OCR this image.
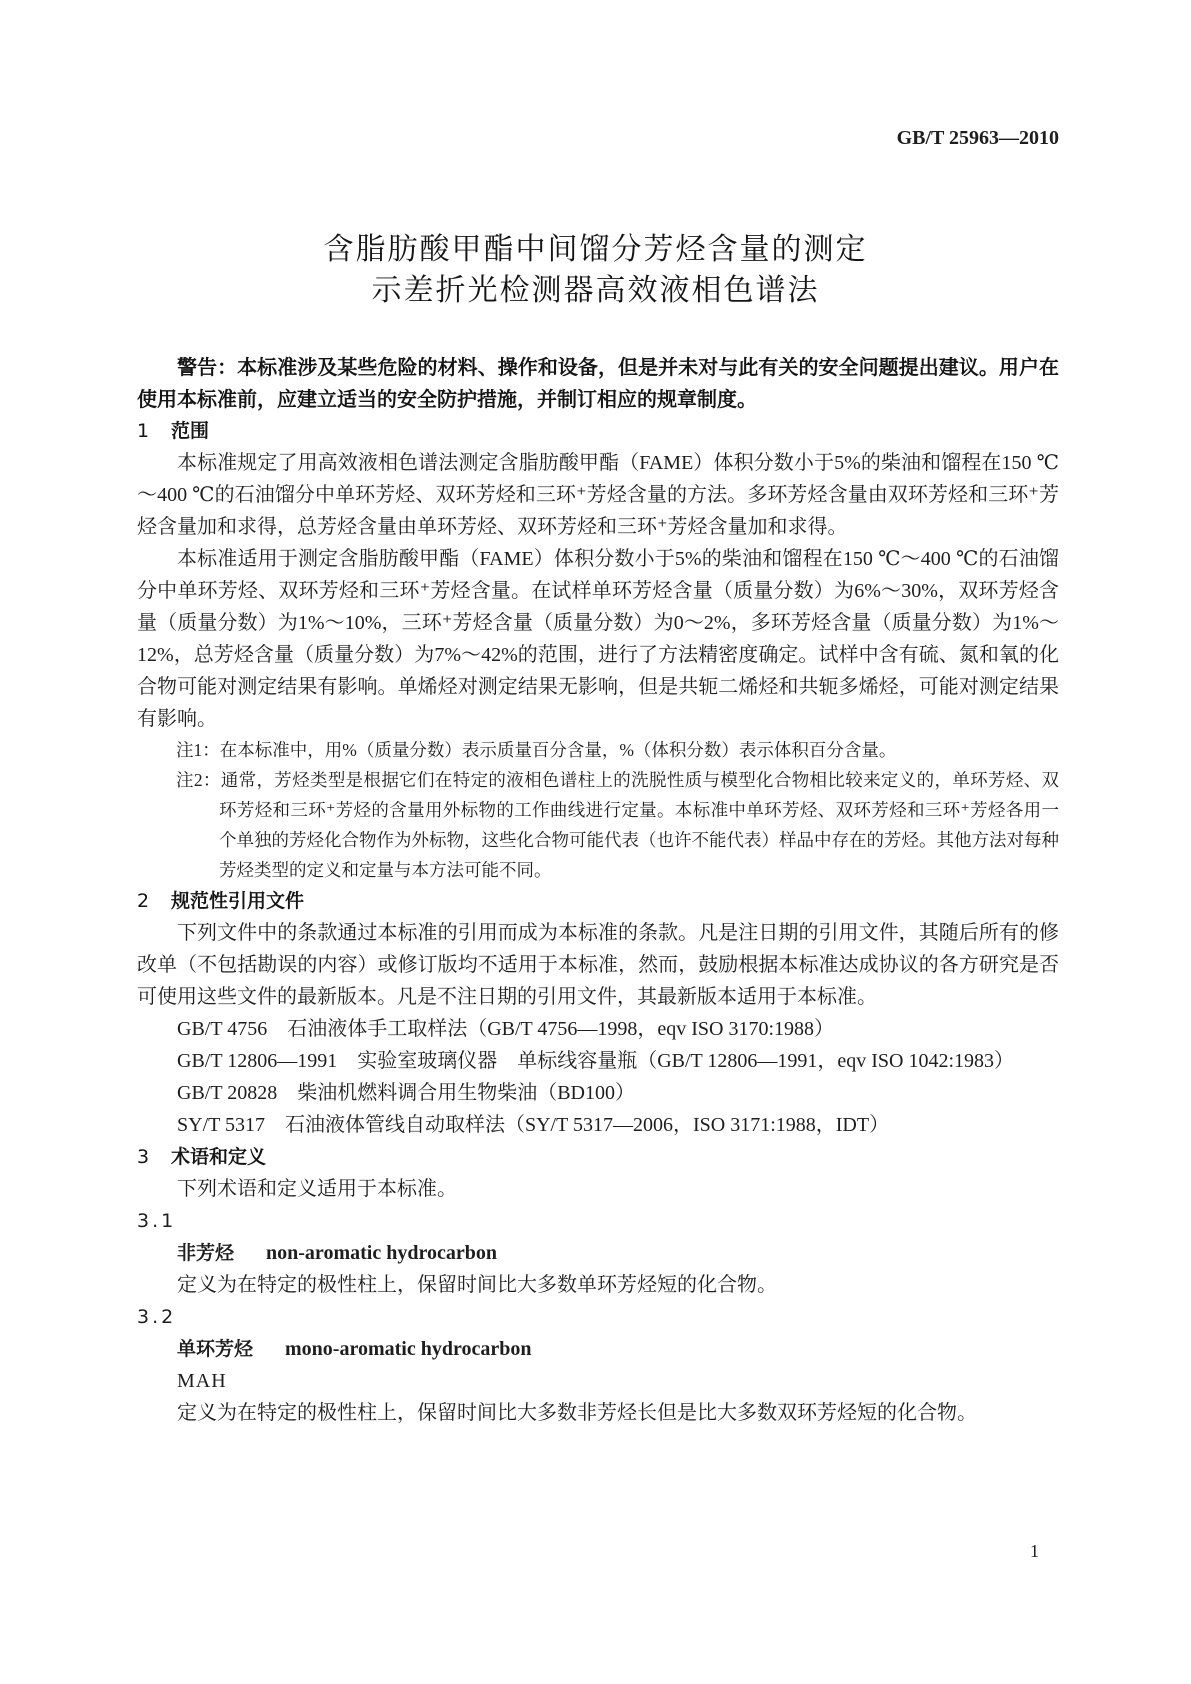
GB/T 25963—2010
含脂肪酸甲酯中间馏分芳烃含量的测定
示差折光检测器高效液相色谱法

警告：本标准涉及某些危险的材料、操作和设备，但是并未对与此有关的安全问题提出建议。用户在使用本标准前，应建立适当的安全防护措施，并制订相应的规章制度。

1 范围

本标准规定了用高效液相色谱法测定含脂肪酸甲酯（FAME）体积分数小于5%的柴油和馏程在150 ℃～400 ℃的石油馏分中单环芳烃、双环芳烃和三环⁺芳烃含量的方法。多环芳烃含量由双环芳烃和三环⁺芳烃含量加和求得，总芳烃含量由单环芳烃、双环芳烃和三环⁺芳烃含量加和求得。

本标准适用于测定含脂肪酸甲酯（FAME）体积分数小于5%的柴油和馏程在150 ℃～400 ℃的石油馏分中单环芳烃、双环芳烃和三环⁺芳烃含量。在试样单环芳烃含量（质量分数）为6%～30%，双环芳烃含量（质量分数）为1%～10%，三环⁺芳烃含量（质量分数）为0～2%，多环芳烃含量（质量分数）为1%～12%，总芳烃含量（质量分数）为7%～42%的范围，进行了方法精密度确定。试样中含有硫、氮和氧的化合物可能对测定结果有影响。单烯烃对测定结果无影响，但是共轭二烯烃和共轭多烯烃，可能对测定结果有影响。

注1：在本标准中，用%（质量分数）表示质量百分含量，%（体积分数）表示体积百分含量。
注2：通常，芳烃类型是根据它们在特定的液相色谱柱上的洗脱性质与模型化合物相比较来定义的，单环芳烃、双环芳烃和三环⁺芳烃的含量用外标物的工作曲线进行定量。本标准中单环芳烃、双环芳烃和三环⁺芳烃各用一个单独的芳烃化合物作为外标物，这些化合物可能代表（也许不能代表）样品中存在的芳烃。其他方法对每种芳烃类型的定义和定量与本方法可能不同。
2 规范性引用文件

下列文件中的条款通过本标准的引用而成为本标准的条款。凡是注日期的引用文件，其随后所有的修改单（不包括勘误的内容）或修订版均不适用于本标准，然而，鼓励根据本标准达成协议的各方研究是否可使用这些文件的最新版本。凡是不注日期的引用文件，其最新版本适用于本标准。

GB/T 4756 石油液体手工取样法（GB/T 4756—1998，eqv ISO 3170:1988）
GB/T 12806—1991 实验室玻璃仪器　单标线容量瓶（GB/T 12806—1991，eqv ISO 1042:1983）
GB/T 20828 柴油机燃料调合用生物柴油（BD100）
SY/T 5317 石油液体管线自动取样法（SY/T 5317—2006，ISO 3171:1988，IDT）
3 术语和定义

下列术语和定义适用于本标准。

3.1
非芳烃 non-aromatic hydrocarbon

定义为在特定的极性柱上，保留时间比大多数单环芳烃短的化合物。

3.2
单环芳烃 mono-aromatic hydrocarbon
MAH

定义为在特定的极性柱上，保留时间比大多数非芳烃长但是比大多数双环芳烃短的化合物。

1
